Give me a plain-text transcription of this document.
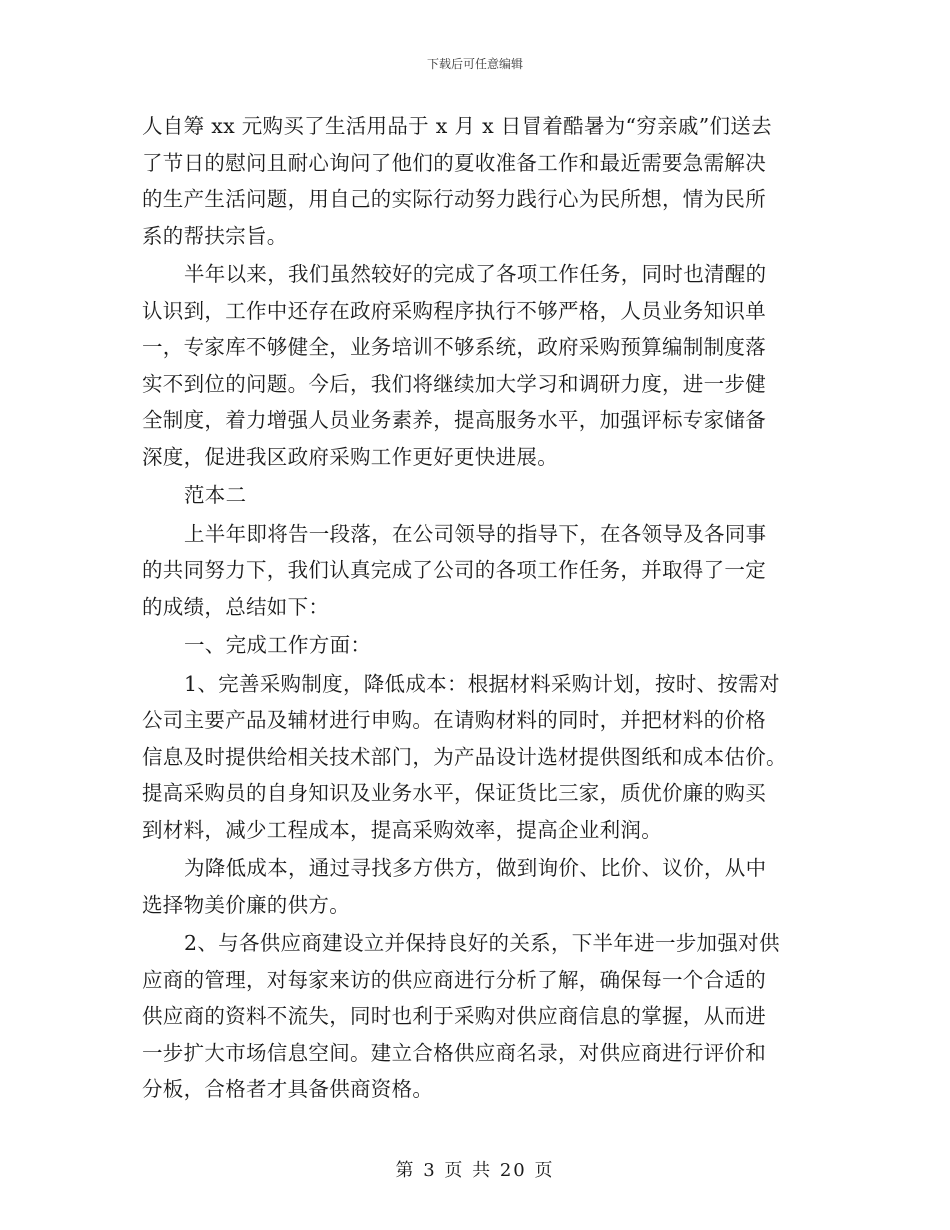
下载后可任意编辑
人自筹 xx 元购买了生活用品于 x 月 x 日冒着酷暑为“穷亲戚”们送去
了节日的慰问且耐心询问了他们的夏收准备工作和最近需要急需解决
的生产生活问题，用自己的实际行动努力践行心为民所想，情为民所
系的帮扶宗旨。
半年以来，我们虽然较好的完成了各项工作任务，同时也清醒的
认识到，工作中还存在政府采购程序执行不够严格，人员业务知识单
一，专家库不够健全，业务培训不够系统，政府采购预算编制制度落
实不到位的问题。今后，我们将继续加大学习和调研力度，进一步健
全制度，着力增强人员业务素养，提高服务水平，加强评标专家储备
深度，促进我区政府采购工作更好更快进展。
范本二
上半年即将告一段落，在公司领导的指导下，在各领导及各同事
的共同努力下，我们认真完成了公司的各项工作任务，并取得了一定
的成绩，总结如下：
一、完成工作方面：
1、完善采购制度，降低成本：根据材料采购计划，按时、按需对
公司主要产品及辅材进行申购。在请购材料的同时，并把材料的价格
信息及时提供给相关技术部门，为产品设计选材提供图纸和成本估价。
提高采购员的自身知识及业务水平，保证货比三家，质优价廉的购买
到材料，减少工程成本，提高采购效率，提高企业利润。
为降低成本，通过寻找多方供方，做到询价、比价、议价，从中
选择物美价廉的供方。
2、与各供应商建设立并保持良好的关系，下半年进一步加强对供
应商的管理，对每家来访的供应商进行分析了解，确保每一个合适的
供应商的资料不流失，同时也利于采购对供应商信息的掌握，从而进
一步扩大市场信息空间。建立合格供应商名录，对供应商进行评价和
分板，合格者才具备供商资格。
第 3 页 共 20 页
